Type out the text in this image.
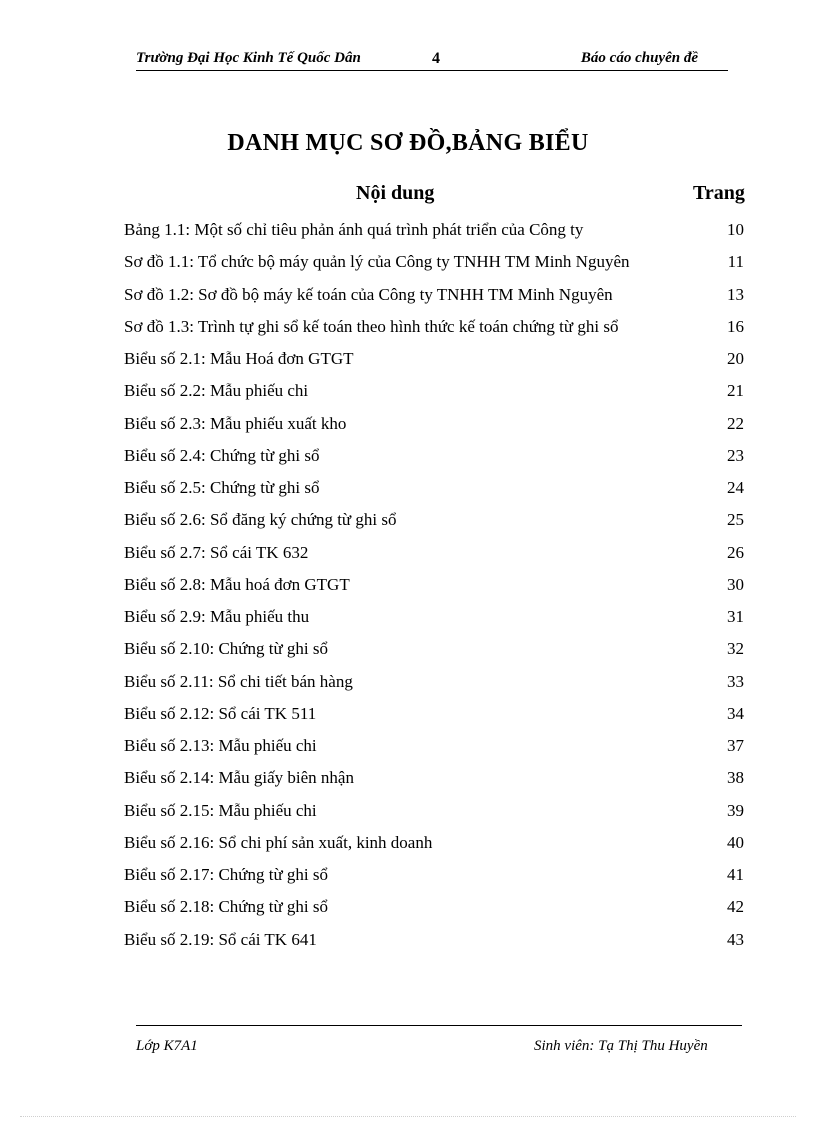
Trường Đại Học Kinh Tế Quốc Dân	4	Báo cáo chuyên đề
DANH MỤC SƠ ĐỒ,BẢNG BIỂU
Nội dung	Trang
Bảng 1.1: Một số chỉ tiêu phản ánh quá trình phát triển của Công ty	10
Sơ đồ 1.1: Tổ chức bộ máy quản lý của Công ty TNHH TM Minh Nguyên	11
Sơ đồ 1.2: Sơ đồ bộ máy kế toán của Công ty TNHH TM Minh Nguyên	13
Sơ đồ 1.3: Trình tự ghi sổ kế toán theo hình thức kế toán chứng từ ghi sổ	16
Biểu số 2.1: Mẫu Hoá đơn GTGT	20
Biểu số 2.2: Mẫu phiếu chi	21
Biểu số 2.3: Mẫu phiếu xuất kho	22
Biểu số 2.4: Chứng từ ghi sổ	23
Biểu số 2.5: Chứng từ ghi sổ	24
Biểu số 2.6: Sổ đăng ký chứng từ ghi sổ	25
Biểu số 2.7: Sổ cái TK 632	26
Biểu số 2.8: Mẫu hoá đơn GTGT	30
Biểu số 2.9: Mẫu phiếu thu	31
Biểu số 2.10: Chứng từ ghi sổ	32
Biểu số 2.11: Sổ chi tiết bán hàng	33
Biểu số 2.12: Sổ cái TK 511	34
Biểu số 2.13: Mẫu phiếu chi	37
Biểu số 2.14: Mẫu giấy biên nhận	38
Biểu số 2.15: Mẫu phiếu chi	39
Biểu số 2.16: Sổ chi phí sản xuất, kinh doanh	40
Biểu số 2.17: Chứng từ ghi sổ	41
Biểu số 2.18: Chứng từ ghi sổ	42
Biểu số 2.19: Sổ cái TK 641	43
Lớp K7A1	Sinh viên: Tạ Thị Thu Huyền
